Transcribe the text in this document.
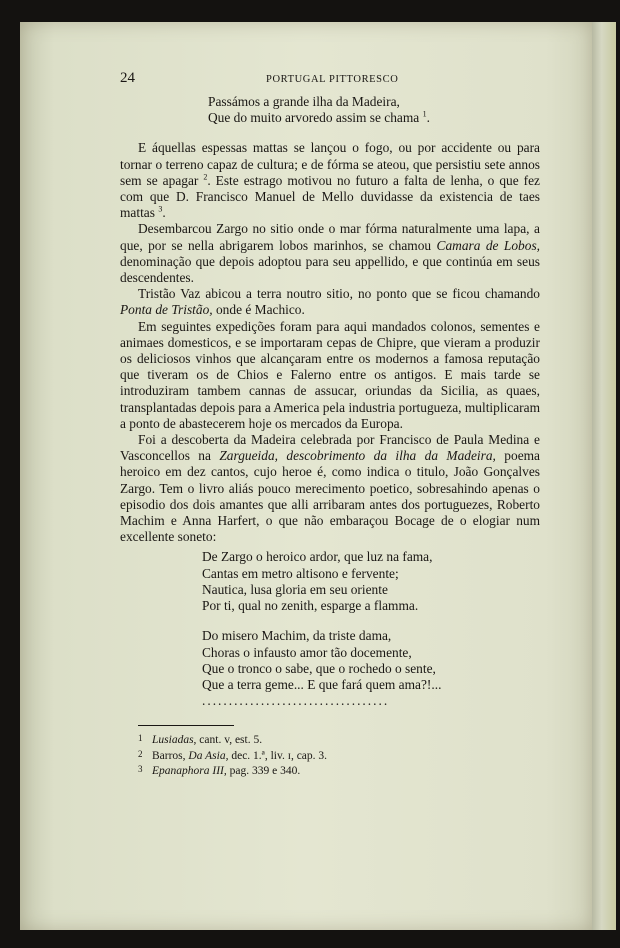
24	PORTUGAL PITTORESCO
Passámos a grande ilha da Madeira,
Que do muito arvoredo assim se chama $^1$.

E áquellas espessas mattas se lançou o fogo, ou por accidente ou para tornar o terreno capaz de cultura; e de fórma se ateou, que persistiu sete annos sem se apagar $^2$. Este estrago motivou no futuro a falta de lenha, o que fez com que D. Francisco Manuel de Mello duvidasse da existencia de taes mattas $^3$.

Desembarcou Zargo no sitio onde o mar fórma naturalmente uma lapa, a que, por se nella abrigarem lobos marinhos, se chamou Camara de Lobos, denominação que depois adoptou para seu appellido, e que continúa em seus descendentes.

Tristão Vaz abicou a terra noutro sitio, no ponto que se ficou chamando Ponta de Tristão, onde é Machico.

Em seguintes expedições foram para aqui mandados colonos, sementes e animaes domesticos, e se importaram cepas de Chipre, que vieram a produzir os deliciosos vinhos que alcançaram entre os modernos a famosa reputação que tiveram os de Chios e Falerno entre os antigos. E mais tarde se introduziram tambem cannas de assucar, oriundas da Sicilia, as quaes, transplantadas depois para a America pela industria portugueza, multiplicaram a ponto de abastecerem hoje os mercados da Europa.

Foi a descoberta da Madeira celebrada por Francisco de Paula Medina e Vasconcellos na Zargueida, descobrimento da ilha da Madeira, poema heroico em dez cantos, cujo heroe é, como indica o titulo, João Gonçalves Zargo. Tem o livro aliás pouco merecimento poetico, sobresahindo apenas o episodio dos dois amantes que alli arribaram antes dos portuguezes, Roberto Machim e Anna Harfert, o que não embaraçou Bocage de o elogiar num excellente soneto:

De Zargo o heroico ardor, que luz na fama,
Cantas em metro altisono e fervente;
Nautica, lusa gloria em seu oriente
Por ti, qual no zenith, esparge a flamma.
Do misero Machim, da triste dama,
Choras o infausto amor tão docemente,
Que o tronco o sabe, que o rochedo o sente,
Que a terra geme... E que fará quem ama?!...
...................................
1 Lusiadas, cant. v, est. 5.
2 Barros, Da Asia, dec. 1.ª, liv. ɪ, cap. 3.
3 Epanaphora III, pag. 339 e 340.
